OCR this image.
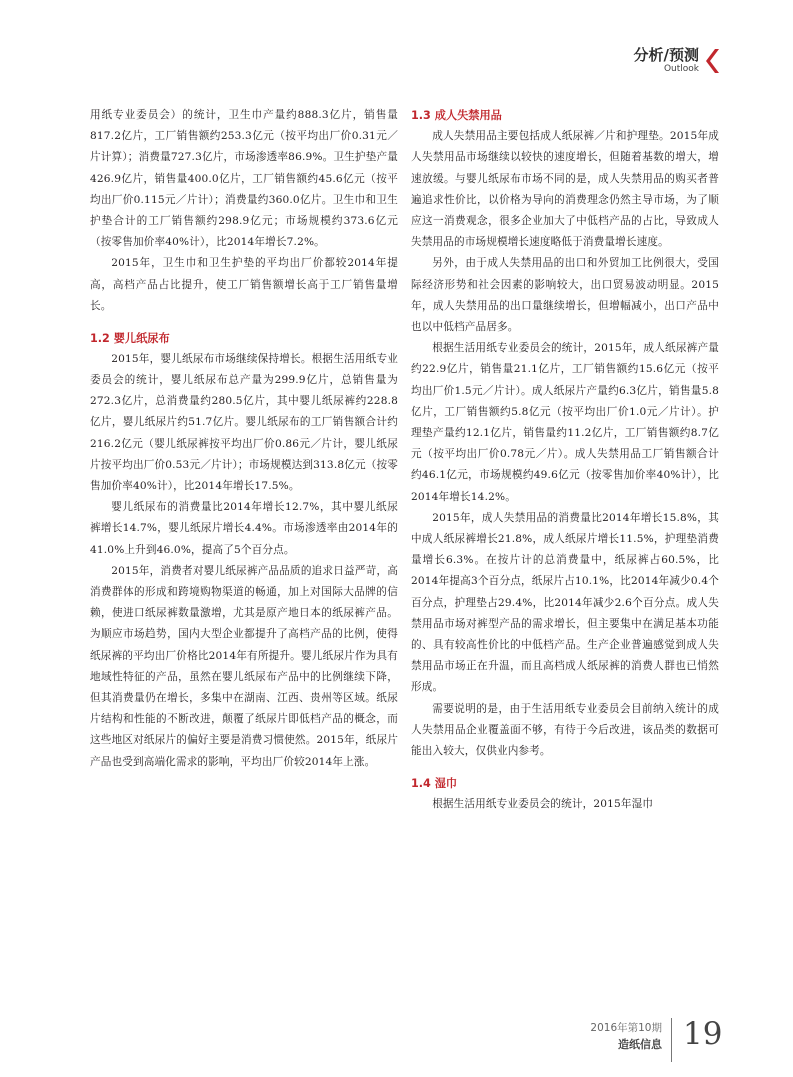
分析/预测
Outlook

用纸专业委员会）的统计，卫生巾产量约888.3亿片，销售量817.2亿片，工厂销售额约253.3亿元（按平均出厂价0.31元／片计算）；消费量727.3亿片，市场渗透率86.9%。卫生护垫产量426.9亿片，销售量400.0亿片，工厂销售额约45.6亿元（按平均出厂价0.115元／片计）；消费量约360.0亿片。卫生巾和卫生护垫合计的工厂销售额约298.9亿元；市场规模约373.6亿元（按零售加价率40%计），比2014年增长7.2%。

2015年，卫生巾和卫生护垫的平均出厂价都较2014年提高，高档产品占比提升，使工厂销售额增长高于工厂销售量增长。

1.2 婴儿纸尿布

2015年，婴儿纸尿布市场继续保持增长。根据生活用纸专业委员会的统计，婴儿纸尿布总产量为299.9亿片，总销售量为272.3亿片，总消费量约280.5亿片，其中婴儿纸尿裤约228.8亿片，婴儿纸尿片约51.7亿片。婴儿纸尿布的工厂销售额合计约216.2亿元（婴儿纸尿裤按平均出厂价0.86元／片计，婴儿纸尿片按平均出厂价0.53元／片计）；市场规模达到313.8亿元（按零售加价率40%计），比2014年增长17.5%。

婴儿纸尿布的消费量比2014年增长12.7%，其中婴儿纸尿裤增长14.7%，婴儿纸尿片增长4.4%。市场渗透率由2014年的41.0%上升到46.0%，提高了5个百分点。

2015年，消费者对婴儿纸尿裤产品品质的追求日益严苛，高消费群体的形成和跨境购物渠道的畅通，加上对国际大品牌的信赖，使进口纸尿裤数量激增，尤其是原产地日本的纸尿裤产品。为顺应市场趋势，国内大型企业都提升了高档产品的比例，使得纸尿裤的平均出厂价格比2014年有所提升。婴儿纸尿片作为具有地域性特征的产品，虽然在婴儿纸尿布产品中的比例继续下降，但其消费量仍在增长，多集中在湖南、江西、贵州等区域。纸尿片结构和性能的不断改进，颠覆了纸尿片即低档产品的概念，而这些地区对纸尿片的偏好主要是消费习惯使然。2015年，纸尿片产品也受到高端化需求的影响，平均出厂价较2014年上涨。

1.3 成人失禁用品

成人失禁用品主要包括成人纸尿裤／片和护理垫。2015年成人失禁用品市场继续以较快的速度增长，但随着基数的增大，增速放缓。与婴儿纸尿布市场不同的是，成人失禁用品的购买者普遍追求性价比，以价格为导向的消费理念仍然主导市场，为了顺应这一消费观念，很多企业加大了中低档产品的占比，导致成人失禁用品的市场规模增长速度略低于消费量增长速度。

另外，由于成人失禁用品的出口和外贸加工比例很大，受国际经济形势和社会因素的影响较大，出口贸易波动明显。2015年，成人失禁用品的出口量继续增长，但增幅减小，出口产品中也以中低档产品居多。

根据生活用纸专业委员会的统计，2015年，成人纸尿裤产量约22.9亿片，销售量21.1亿片，工厂销售额约15.6亿元（按平均出厂价1.5元／片计）。成人纸尿片产量约6.3亿片，销售量5.8亿片，工厂销售额约5.8亿元（按平均出厂价1.0元／片计）。护理垫产量约12.1亿片，销售量约11.2亿片，工厂销售额约8.7亿元（按平均出厂价0.78元／片）。成人失禁用品工厂销售额合计约46.1亿元，市场规模约49.6亿元（按零售加价率40%计），比2014年增长14.2%。

2015年，成人失禁用品的消费量比2014年增长15.8%，其中成人纸尿裤增长21.8%，成人纸尿片增长11.5%，护理垫消费量增长6.3%。在按片计的总消费量中，纸尿裤占60.5%，比2014年提高3个百分点，纸尿片占10.1%，比2014年减少0.4个百分点，护理垫占29.4%，比2014年减少2.6个百分点。成人失禁用品市场对裤型产品的需求增长，但主要集中在满足基本功能的、具有较高性价比的中低档产品。生产企业普遍感觉到成人失禁用品市场正在升温，而且高档成人纸尿裤的消费人群也已悄然形成。

需要说明的是，由于生活用纸专业委员会目前纳入统计的成人失禁用品企业覆盖面不够，有待于今后改进，该品类的数据可能出入较大，仅供业内参考。

1.4 湿巾

根据生活用纸专业委员会的统计，2015年湿巾

2016年第10期
造纸信息 19
